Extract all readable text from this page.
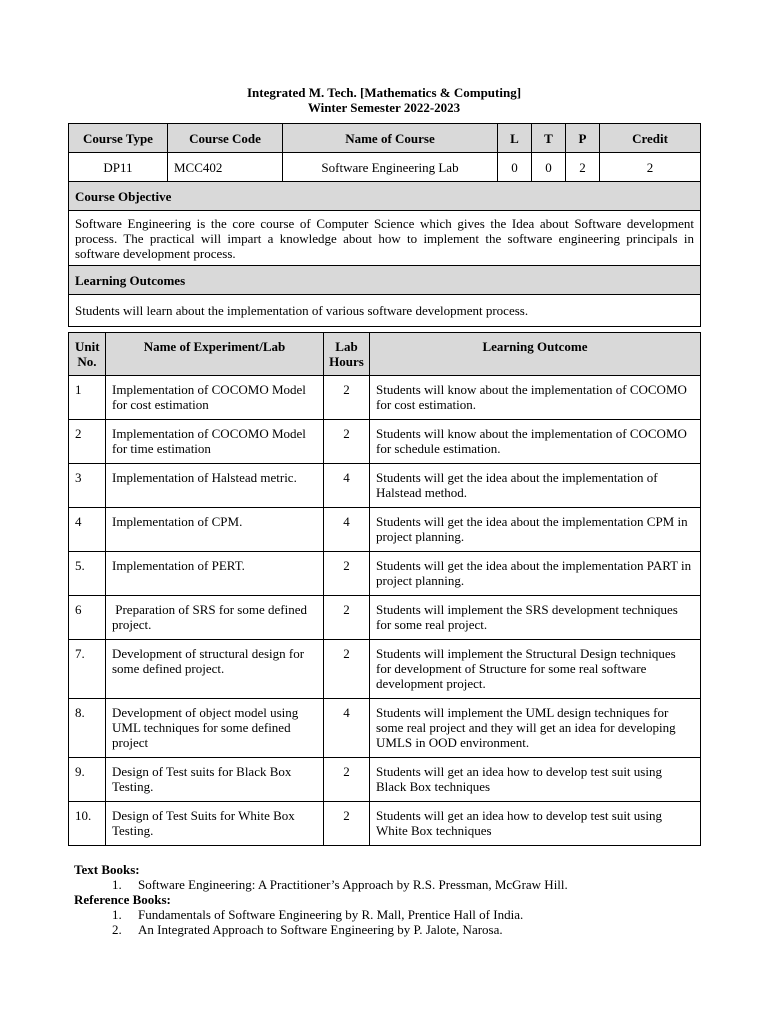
Integrated M. Tech. [Mathematics & Computing]
Winter Semester 2022-2023
Course Type	Course Code	Name of Course	L	T	P	Credit
DP11	MCC402	Software Engineering Lab	0	0	2	2
Course Objective						
Software Engineering is the core course of Computer Science which gives the Idea about Software development process. The practical will impart a knowledge about how to implement the software engineering principals in software development process.						
Learning Outcomes						
Students will learn about the implementation of various software development process.						
Unit No.	Name of Experiment/Lab	Lab Hours	Learning Outcome
1	Implementation of COCOMO Model for cost estimation	2	Students will know about the implementation of COCOMO for cost estimation.
2	Implementation of COCOMO Model for time estimation	2	Students will know about the implementation of COCOMO for schedule estimation.
3	Implementation of Halstead metric.	4	Students will get the idea about the implementation of Halstead method.
4	Implementation of CPM.	4	Students will get the idea about the implementation CPM in project planning.
5.	Implementation of PERT.	2	Students will get the idea about the implementation PART in project planning.
6	Preparation of SRS for some defined project.	2	Students will implement the SRS development techniques for some real project.
7.	Development of structural design for some defined project.	2	Students will implement the Structural Design techniques for development of Structure for some real software development project.
8.	Development of object model using UML techniques for some defined project	4	Students will implement the UML design techniques for some real project and they will get an idea for developing UMLS in OOD environment.
9.	Design of Test suits for Black Box Testing.	2	Students will get an idea how to develop test suit using Black Box techniques
10.	Design of Test Suits for White Box Testing.	2	Students will get an idea how to develop test suit using White Box techniques
Text Books:
1.	Software Engineering: A Practitioner’s Approach by R.S. Pressman, McGraw Hill.
Reference Books:
1.	Fundamentals of Software Engineering by R. Mall, Prentice Hall of India.
2.	An Integrated Approach to Software Engineering by P. Jalote, Narosa.
